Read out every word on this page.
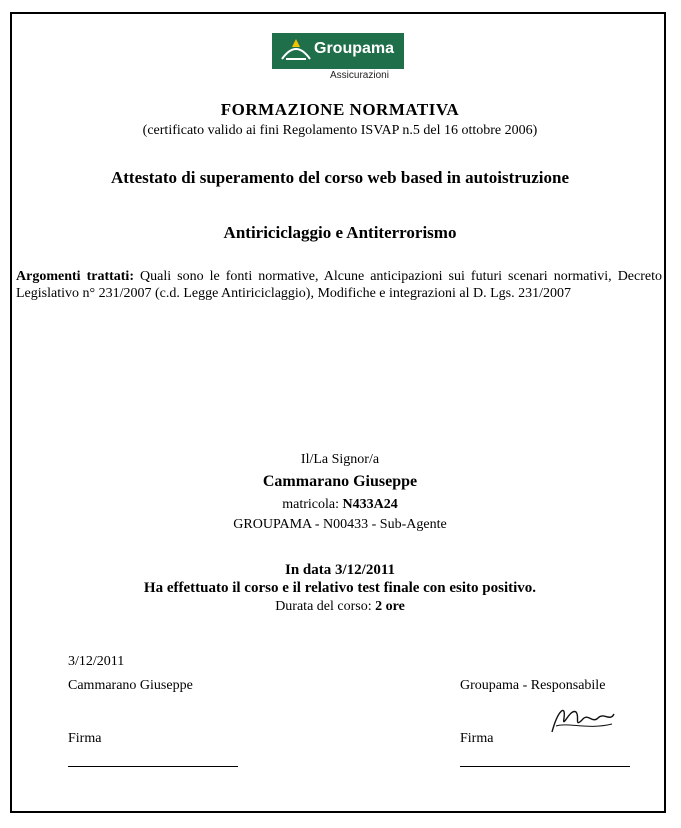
Groupama
Assicurazioni
FORMAZIONE NORMATIVA
(certificato valido ai fini Regolamento ISVAP n.5 del 16 ottobre 2006)
Attestato di superamento del corso web based in autoistruzione
Antiriciclaggio e Antiterrorismo
Argomenti trattati: Quali sono le fonti normative, Alcune anticipazioni sui futuri scenari normativi, Decreto Legislativo n° 231/2007 (c.d. Legge Antiriciclaggio), Modifiche e integrazioni al D. Lgs. 231/2007
Il/La Signor/a
Cammarano Giuseppe
matricola: N433A24
GROUPAMA - N00433 - Sub-Agente
In data 3/12/2011
Ha effettuato il corso e il relativo test finale con esito positivo.
Durata del corso: 2 ore
3/12/2011
Cammarano Giuseppe	Groupama - Responsabile
Firma	Firma
